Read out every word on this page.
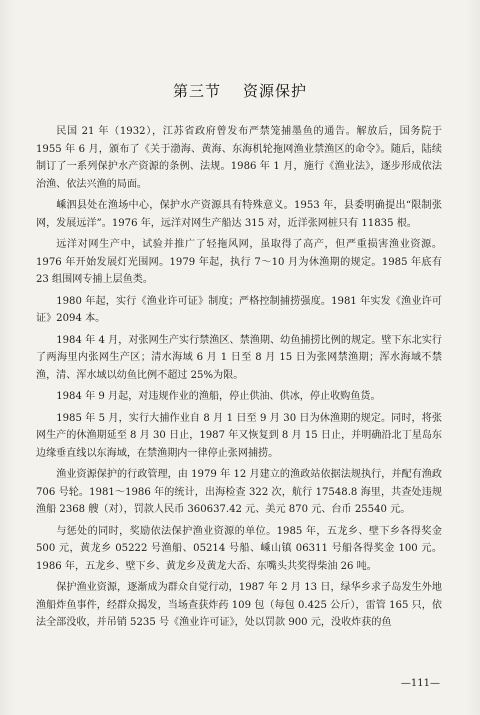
第三节 资源保护

民国 21 年（1932），江苏省政府曾发布严禁笼捕墨鱼的通告。解放后，国务院于 1955 年 6 月，颁布了《关于渤海、黄海、东海机轮拖网渔业禁渔区的命令》。随后，陆续制订了一系列保护水产资源的条例、法规。1986 年 1 月，施行《渔业法》，逐步形成依法治渔、依法兴渔的局面。

嵊泗县处在渔场中心，保护水产资源具有特殊意义。1953 年，县委明确提出“限制张网，发展远洋”。1976 年，远洋对网生产船达 315 对，近洋张网桩只有 11835 根。

远洋对网生产中，试验并推广了轻拖风网，虽取得了高产，但严重损害渔业资源。1976 年开始发展灯光围网。1979 年起，执行 7～10 月为休渔期的规定。1985 年底有 23 组围网专捕上层鱼类。

1980 年起，实行《渔业许可证》制度；严格控制捕捞强度。1981 年实发《渔业许可证》2094 本。

1984 年 4 月，对张网生产实行禁渔区、禁渔期、幼鱼捕捞比例的规定。壁下东北实行了两海里内张网生产区；清水海域 6 月 1 日至 8 月 15 日为张网禁渔期；浑水海域不禁渔，清、浑水域以幼鱼比例不超过 25%为限。

1984 年 9 月起，对违规作业的渔船，停止供油、供冰，停止收购鱼货。

1985 年 5 月，实行大捕作业自 8 月 1 日至 9 月 30 日为休渔期的规定。同时，将张网生产的休渔期延至 8 月 30 日止，1987 年又恢复到 8 月 15 日止，并明确沿北丁星岛东边缘垂直线以东海域，在禁渔期内一律停止张网捕捞。

渔业资源保护的行政管理，由 1979 年 12 月建立的渔政站依据法规执行，并配有渔政 706 号轮。1981～1986 年的统计，出海检查 322 次，航行 17548.8 海里，共查处违规渔船 2368 艘（对），罚款人民币 360637.42 元、美元 870 元、台币 25540 元。

与惩处的同时，奖励依法保护渔业资源的单位。1985 年，五龙乡、壁下乡各得奖金 500 元，黄龙乡 05222 号渔船、05214 号船、嵊山镇 06311 号船各得奖金 100 元。1986 年，五龙乡、壁下乡、黄龙乡及黄龙大岙、东嘴头共奖得柴油 26 吨。

保护渔业资源，逐渐成为群众自觉行动，1987 年 2 月 13 日，绿华乡求子岛发生外地渔船炸鱼事件，经群众揭发，当场查获炸药 109 包（每包 0.425 公斤），雷管 165 只，依法全部没收，并吊销 5235 号《渔业许可证》，处以罚款 900 元，没收炸获的鱼

—111—
